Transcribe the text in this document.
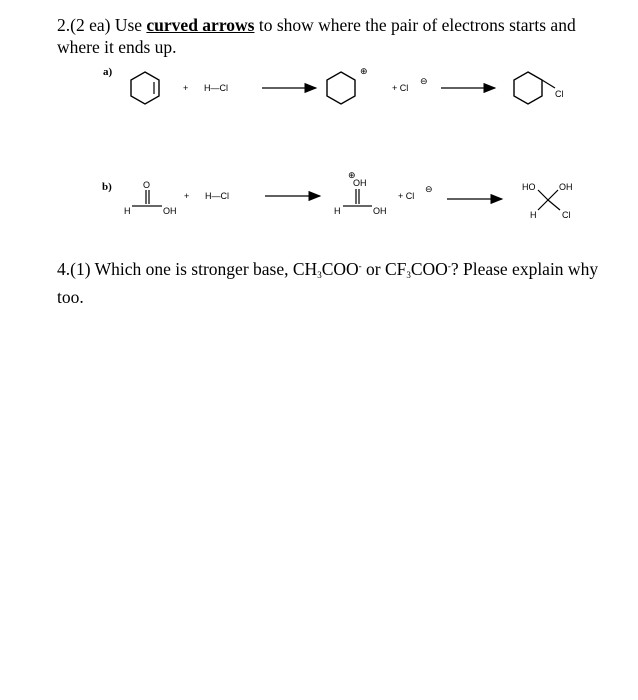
2.(2 ea) Use curved arrows to show where the pair of electrons starts and where it ends up.
a)
b)
+ H—Cl
⊕
+ Cl
⊖
Cl
O
H	OH
+ H—Cl
⊕
OH
H	OH
+ Cl
⊖	HO	OH
H	Cl
4.(1) Which one is stronger base, $CH_3COO^-$ or $CF_3COO^-$? Please explain why too.
